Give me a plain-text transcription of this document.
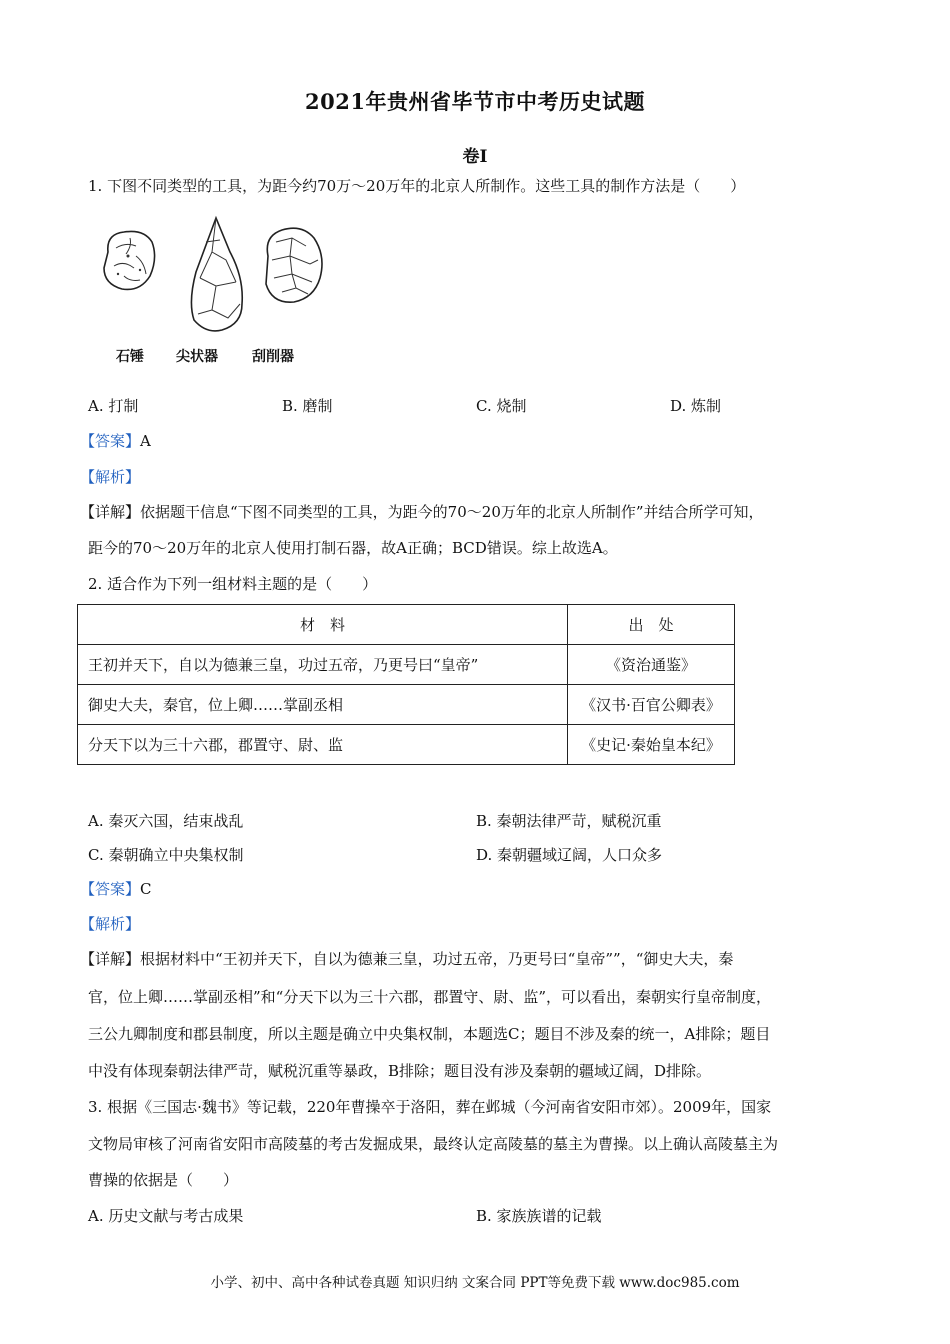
2021年贵州省毕节市中考历史试题
卷Ⅰ
1. 下图不同类型的工具，为距今约70万～20万年的北京人所制作。这些工具的制作方法是（　　）
石锤 尖状器 刮削器
A. 打制	B. 磨制	C. 烧制	D. 炼制
【答案】A
【解析】
【详解】依据题干信息“下图不同类型的工具，为距今的70～20万年的北京人所制作”并结合所学可知，
距今的70～20万年的北京人使用打制石器，故A正确；BCD错误。综上故选A。
2. 适合作为下列一组材料主题的是（　　）
材　料	出　处
王初并天下，自以为德兼三皇，功过五帝，乃更号曰“皇帝”	《资治通鉴》
御史大夫，秦官，位上卿……掌副丞相	《汉书·百官公卿表》
分天下以为三十六郡，郡置守、尉、监	《史记·秦始皇本纪》
A. 秦灭六国，结束战乱	B. 秦朝法律严苛，赋税沉重
C. 秦朝确立中央集权制	D. 秦朝疆域辽阔，人口众多
【答案】C
【解析】
【详解】根据材料中“王初并天下，自以为德兼三皇，功过五帝，乃更号曰“皇帝””，“御史大夫，秦
官，位上卿……掌副丞相”和“分天下以为三十六郡，郡置守、尉、监”，可以看出，秦朝实行皇帝制度，
三公九卿制度和郡县制度，所以主题是确立中央集权制，本题选C；题目不涉及秦的统一，A排除；题目
中没有体现秦朝法律严苛，赋税沉重等暴政，B排除；题目没有涉及秦朝的疆域辽阔，D排除。
3. 根据《三国志·魏书》等记载，220年曹操卒于洛阳，葬在邺城（今河南省安阳市郊）。2009年，国家
文物局审核了河南省安阳市高陵墓的考古发掘成果，最终认定高陵墓的墓主为曹操。以上确认高陵墓主为
曹操的依据是（　　）
A. 历史文献与考古成果	B. 家族族谱的记载
小学、初中、高中各种试卷真题 知识归纳 文案合同 PPT等免费下载 www.doc985.com
